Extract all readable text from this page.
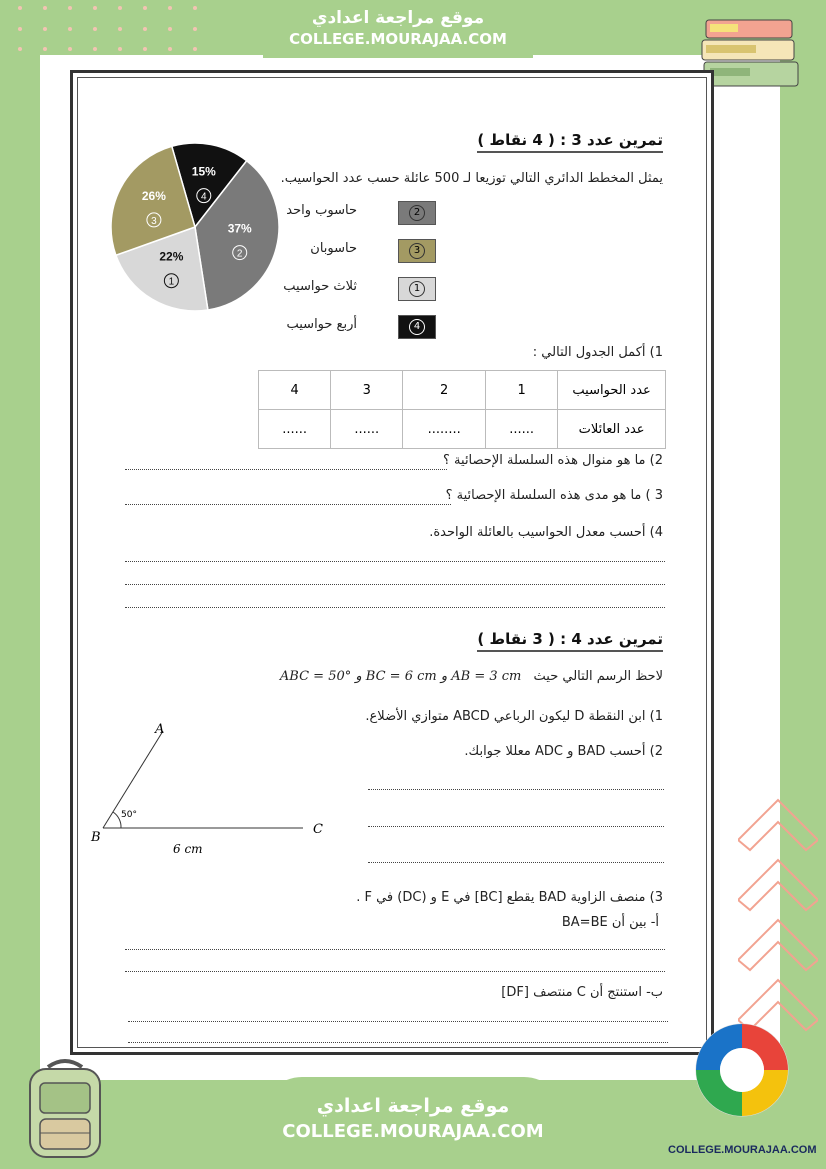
موقع مراجعة اعدادي
COLLEGE.MOURAJAA.COM
تمرين عدد 3 : ( 4 نقاط )
15%
4
37%
2
22%
1
26%
3
يمثل المخطط الدائري التالي توزيعا لـ 500 عائلة حسب عدد الحواسيب.
حاسوب واحد	2
حاسوبان	3
ثلاث حواسيب	1
أربع حواسيب	4
1) أكمل الجدول التالي :
4	3	2	1	عدد الحواسيب
......	......	........	......	عدد العائلات
2) ما هو منوال هذه السلسلة الإحصائية ؟
3 ) ما هو مدى هذه السلسلة الإحصائية ؟
4) أحسب معدل الحواسيب بالعائلة الواحدة.
تمرين عدد 4 : ( 3 نقاط )
لاحظ الرسم التالي حيث ABC = 50° و BC = 6 cm و AB = 3 cm
1) ابن النقطة D ليكون الرباعي ABCD متوازي الأضلاع.
2) أحسب BAD و ADC معللا جوابك.
A
B
C
50°
6 cm
3) منصف الزاوية BAD يقطع [BC] في E و (DC) في F .
أ- بين أن BA=BE
ب- استنتج أن C منتصف [DF]
موقع مراجعة اعدادي
COLLEGE.MOURAJAA.COM
COLLEGE.MOURAJAA.COM
